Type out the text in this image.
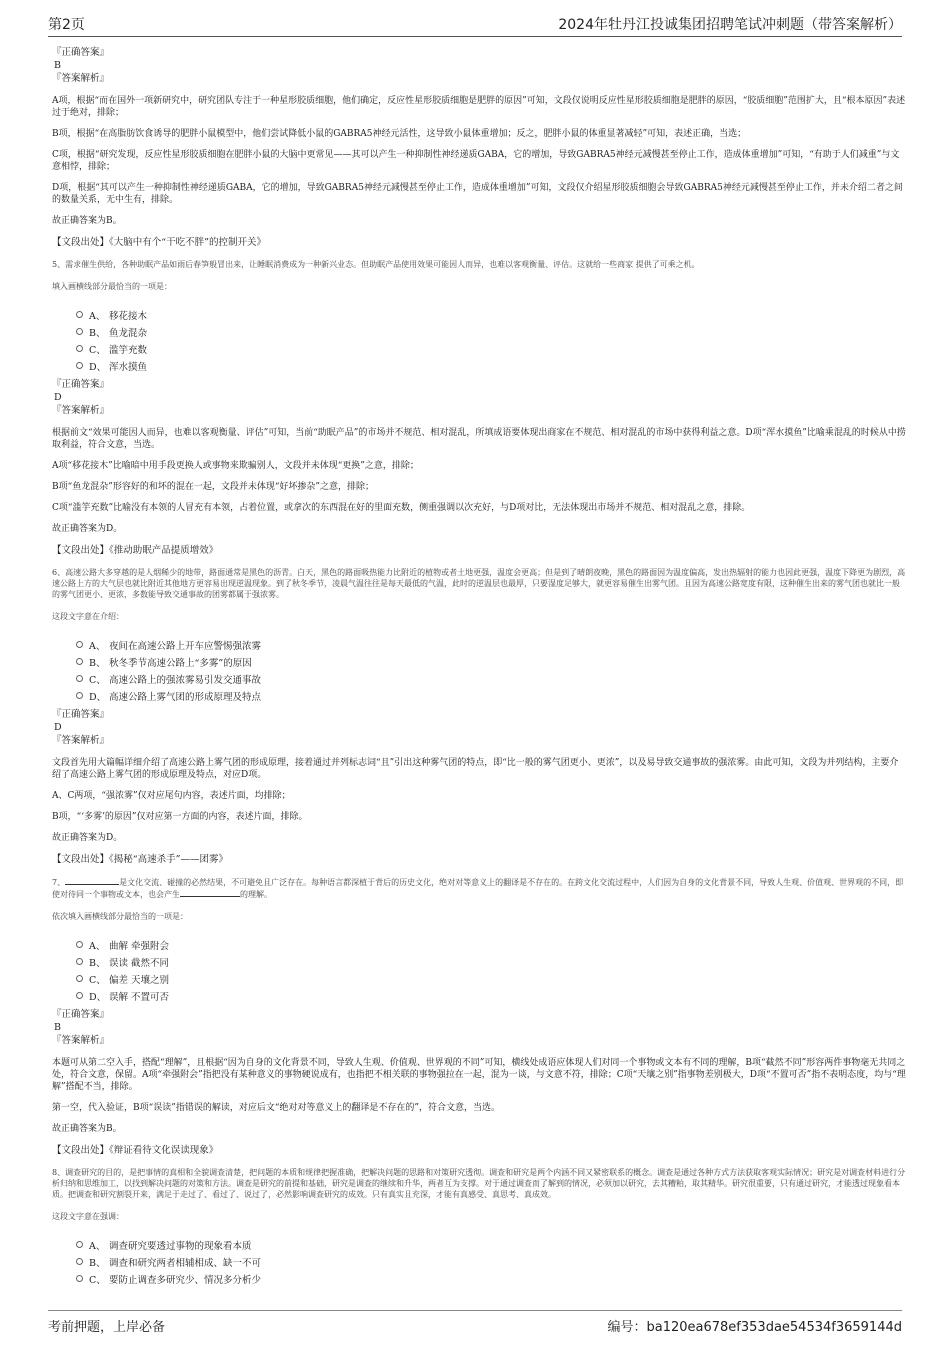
第2页	2024年牡丹江投诚集团招聘笔试冲刺题（带答案解析）

『正确答案』

B

『答案解析』

A项，根据“而在国外一项新研究中，研究团队专注于一种星形胶质细胞，他们确定，反应性星形胶质细胞是肥胖的原因”可知，文段仅说明反应性星形胶质细胞是肥胖的原因，“胶质细胞”范围扩大，且“根本原因”表述过于绝对，排除；

B项，根据“在高脂肪饮食诱导的肥胖小鼠模型中，他们尝试降低小鼠的GABRA5神经元活性，这导致小鼠体重增加；反之，肥胖小鼠的体重显著减轻”可知，表述正确，当选；

C项，根据“研究发现，反应性星形胶质细胞在肥胖小鼠的大脑中更常见——其可以产生一种抑制性神经递质GABA，它的增加，导致GABRA5神经元减慢甚至停止工作，造成体重增加”可知，“有助于人们减重”与文意相悖，排除；

D项，根据“其可以产生一种抑制性神经递质GABA，它的增加，导致GABRA5神经元减慢甚至停止工作，造成体重增加”可知，文段仅介绍星形胶质细胞会导致GABRA5神经元减慢甚至停止工作，并未介绍二者之间的数量关系，无中生有，排除。

故正确答案为B。

【文段出处】《大脑中有个“干吃不胖”的控制开关》

5、需求催生供给，各种助眠产品如雨后春笋般冒出来，让睡眠消费成为一种新兴业态。但助眠产品使用效果可能因人而异，也难以客观衡量、评估。这就给一些商家 提供了可乘之机。

填入画横线部分最恰当的一项是：

A、 移花接木
B、 鱼龙混杂
C、 滥竽充数
D、 浑水摸鱼

『正确答案』

D

『答案解析』

根据前文“效果可能因人而异，也难以客观衡量、评估”可知，当前“助眠产品”的市场并不规范、相对混乱，所填成语要体现出商家在不规范、相对混乱的市场中获得利益之意。D项“浑水摸鱼”比喻乘混乱的时候从中捞取利益，符合文意，当选。

A项“移花接木”比喻暗中用手段更换人或事物来欺骗别人，文段并未体现“更换”之意，排除；

B项“鱼龙混杂”形容好的和坏的混在一起，文段并未体现“好坏掺杂”之意，排除；

C项“滥竽充数”比喻没有本领的人冒充有本领，占着位置，或拿次的东西混在好的里面充数，侧重强调以次充好，与D项对比，无法体现出市场并不规范、相对混乱之意，排除。

故正确答案为D。

【文段出处】《推动助眠产品提质增效》

6、高速公路大多穿越的是人烟稀少的地带，路面通常是黑色的沥青。白天，黑色的路面吸热能力比附近的植物或者土地更强，温度会更高；但是到了晴朗夜晚，黑色的路面因为温度偏高，发出热辐射的能力也因此更强，温度下降更为剧烈，高速公路上方的大气层也就比附近其他地方更容易出现逆温现象。到了秋冬季节，凌晨气温往往是每天最低的气温，此时的逆温层也最厚，只要湿度足够大，就更容易催生出雾气团。且因为高速公路宽度有限，这种催生出来的雾气团也就比一般的雾气团更小、更浓，多数能导致交通事故的团雾都属于强浓雾。

这段文字意在介绍：

A、 夜间在高速公路上开车应警惕强浓雾
B、 秋冬季节高速公路上“多雾”的原因
C、 高速公路上的强浓雾易引发交通事故
D、 高速公路上雾气团的形成原理及特点

『正确答案』

D

『答案解析』

文段首先用大篇幅详细介绍了高速公路上雾气团的形成原理，接着通过并列标志词“且”引出这种雾气团的特点，即“比一般的雾气团更小、更浓”，以及易导致交通事故的强浓雾。由此可知，文段为并列结构，主要介绍了高速公路上雾气团的形成原理及特点，对应D项。

A、C两项，“强浓雾”仅对应尾句内容，表述片面，均排除；

B项，“‘多雾’的原因”仅对应第一方面的内容，表述片面，排除。

故正确答案为D。

【文段出处】《揭秘“高速杀手”——团雾》

7、	是文化交流、碰撞的必然结果，不可避免且广泛存在。每种语言都深植于背后的历史文化，绝对对等意义上的翻译是不存在的。在跨文化交流过程中，人们因为自身的文化背景不同，导致人生观、价值观、世界观的不同，即使对待同一个事物或文本，也会产生	的理解。

依次填入画横线部分最恰当的一项是：

A、 曲解 牵强附会
B、 误读 截然不同
C、 偏差 天壤之别
D、 误解 不置可否

『正确答案』

B

『答案解析』

本题可从第二空入手，搭配“理解”，且根据“因为自身的文化背景不同，导致人生观、价值观、世界观的不同”可知，横线处成语应体现人们对同一个事物或文本有不同的理解，B项“截然不同”形容两件事物毫无共同之处，符合文意，保留。A项“牵强附会”指把没有某种意义的事物硬说成有，也指把不相关联的事物强拉在一起，混为一谈，与文意不符，排除；C项“天壤之别”指事物差别极大，D项“不置可否”指不表明态度，均与“理解”搭配不当，排除。

第一空，代入验证，B项“误读”指错误的解读，对应后文“绝对对等意义上的翻译是不存在的”，符合文意，当选。

故正确答案为B。

【文段出处】《辩证看待文化误读现象》

8、调查研究的目的，是把事情的真相和全貌调查清楚，把问题的本质和规律把握准确，把解决问题的思路和对策研究透彻。调查和研究是两个内涵不同又紧密联系的概念。调查是通过各种方式方法获取客观实际情况；研究是对调查材料进行分析归纳和思维加工，以找到解决问题的对策和方法。调查是研究的前提和基础，研究是调查的继续和升华，两者互为支撑。对于通过调查而了解到的情况，必须加以研究，去其糟粕，取其精华。研究很重要，只有通过研究，才能透过现象看本质。把调查和研究割裂开来，满足于走过了、看过了、说过了，必然影响调查研究的成效。只有真实且充深，才能有真感受、真思考、真成效。

这段文字意在强调：

A、 调查研究要透过事物的现象看本质
B、 调查和研究两者相辅相成、缺一不可
C、 要防止调查多研究少、情况多分析少
考前押题，上岸必备	编号：ba120ea678ef353dae54534f3659144d
